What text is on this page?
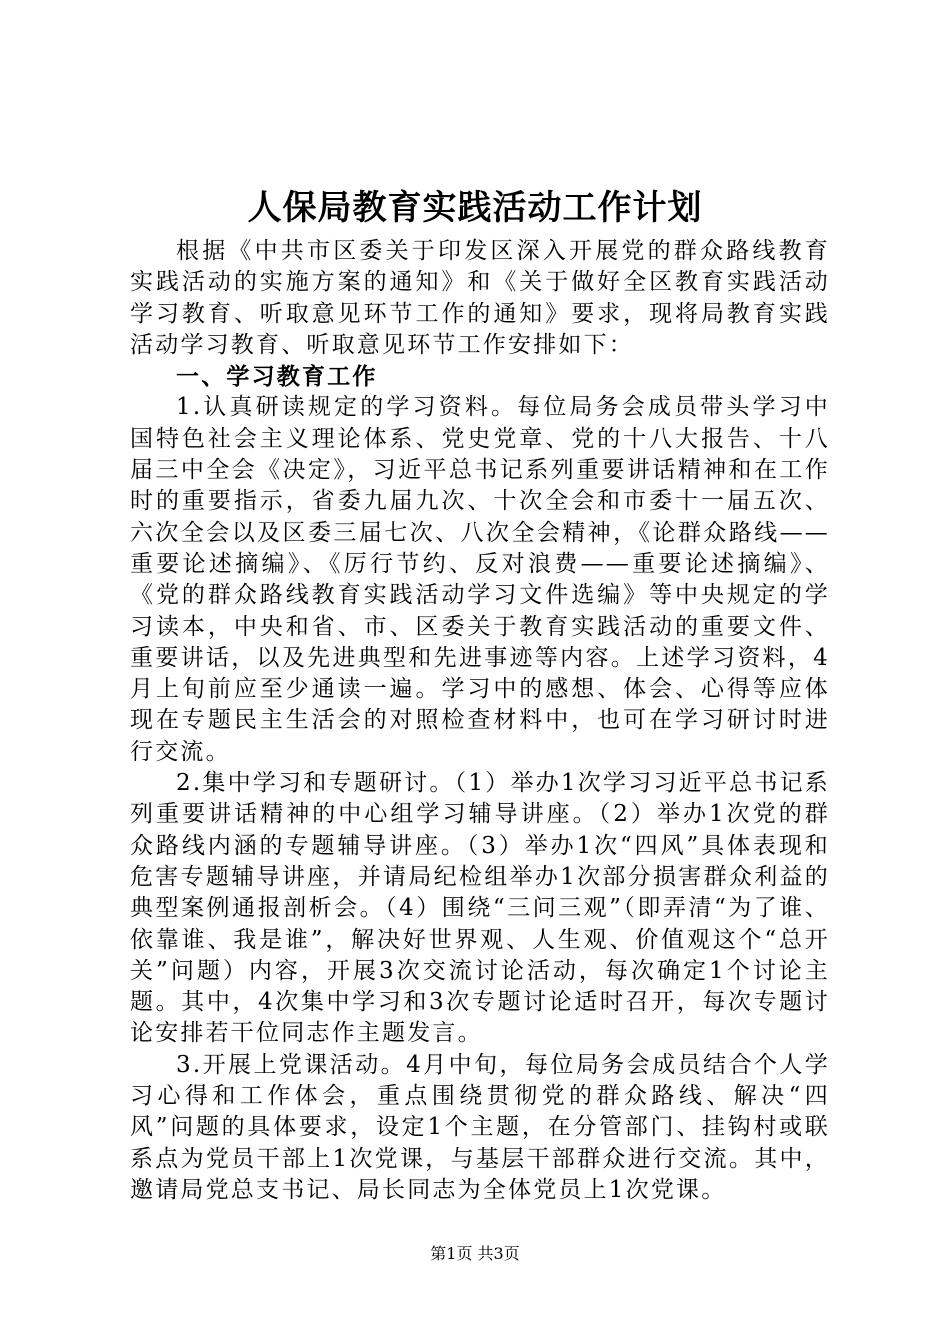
人保局教育实践活动工作计划

根据《中共市区委关于印发区深入开展党的群众路线教育实践活动的实施方案的通知》和《关于做好全区教育实践活动学习教育、听取意见环节工作的通知》要求，现将局教育实践活动学习教育、听取意见环节工作安排如下：

一、学习教育工作

1.认真研读规定的学习资料。每位局务会成员带头学习中国特色社会主义理论体系、党史党章、党的十八大报告、十八届三中全会《决定》，习近平总书记系列重要讲话精神和在工作时的重要指示，省委九届九次、十次全会和市委十一届五次、六次全会以及区委三届七次、八次全会精神，《论群众路线——重要论述摘编》、《厉行节约、反对浪费——重要论述摘编》、《党的群众路线教育实践活动学习文件选编》等中央规定的学习读本，中央和省、市、区委关于教育实践活动的重要文件、重要讲话，以及先进典型和先进事迹等内容。上述学习资料，4月上旬前应至少通读一遍。学习中的感想、体会、心得等应体现在专题民主生活会的对照检查材料中，也可在学习研讨时进行交流。

2.集中学习和专题研讨。（1）举办1次学习习近平总书记系列重要讲话精神的中心组学习辅导讲座。（2）举办1次党的群众路线内涵的专题辅导讲座。（3）举办1次“四风”具体表现和危害专题辅导讲座，并请局纪检组举办1次部分损害群众利益的典型案例通报剖析会。（4）围绕“三问三观”（即弄清“为了谁、依靠谁、我是谁”，解决好世界观、人生观、价值观这个“总开关”问题）内容，开展3次交流讨论活动，每次确定1个讨论主题。其中，4次集中学习和3次专题讨论适时召开，每次专题讨论安排若干位同志作主题发言。

3.开展上党课活动。4月中旬，每位局务会成员结合个人学习心得和工作体会，重点围绕贯彻党的群众路线、解决“四风”问题的具体要求，设定1个主题，在分管部门、挂钩村或联系点为党员干部上1次党课，与基层干部群众进行交流。其中，邀请局党总支书记、局长同志为全体党员上1次党课。

第1页 共3页
